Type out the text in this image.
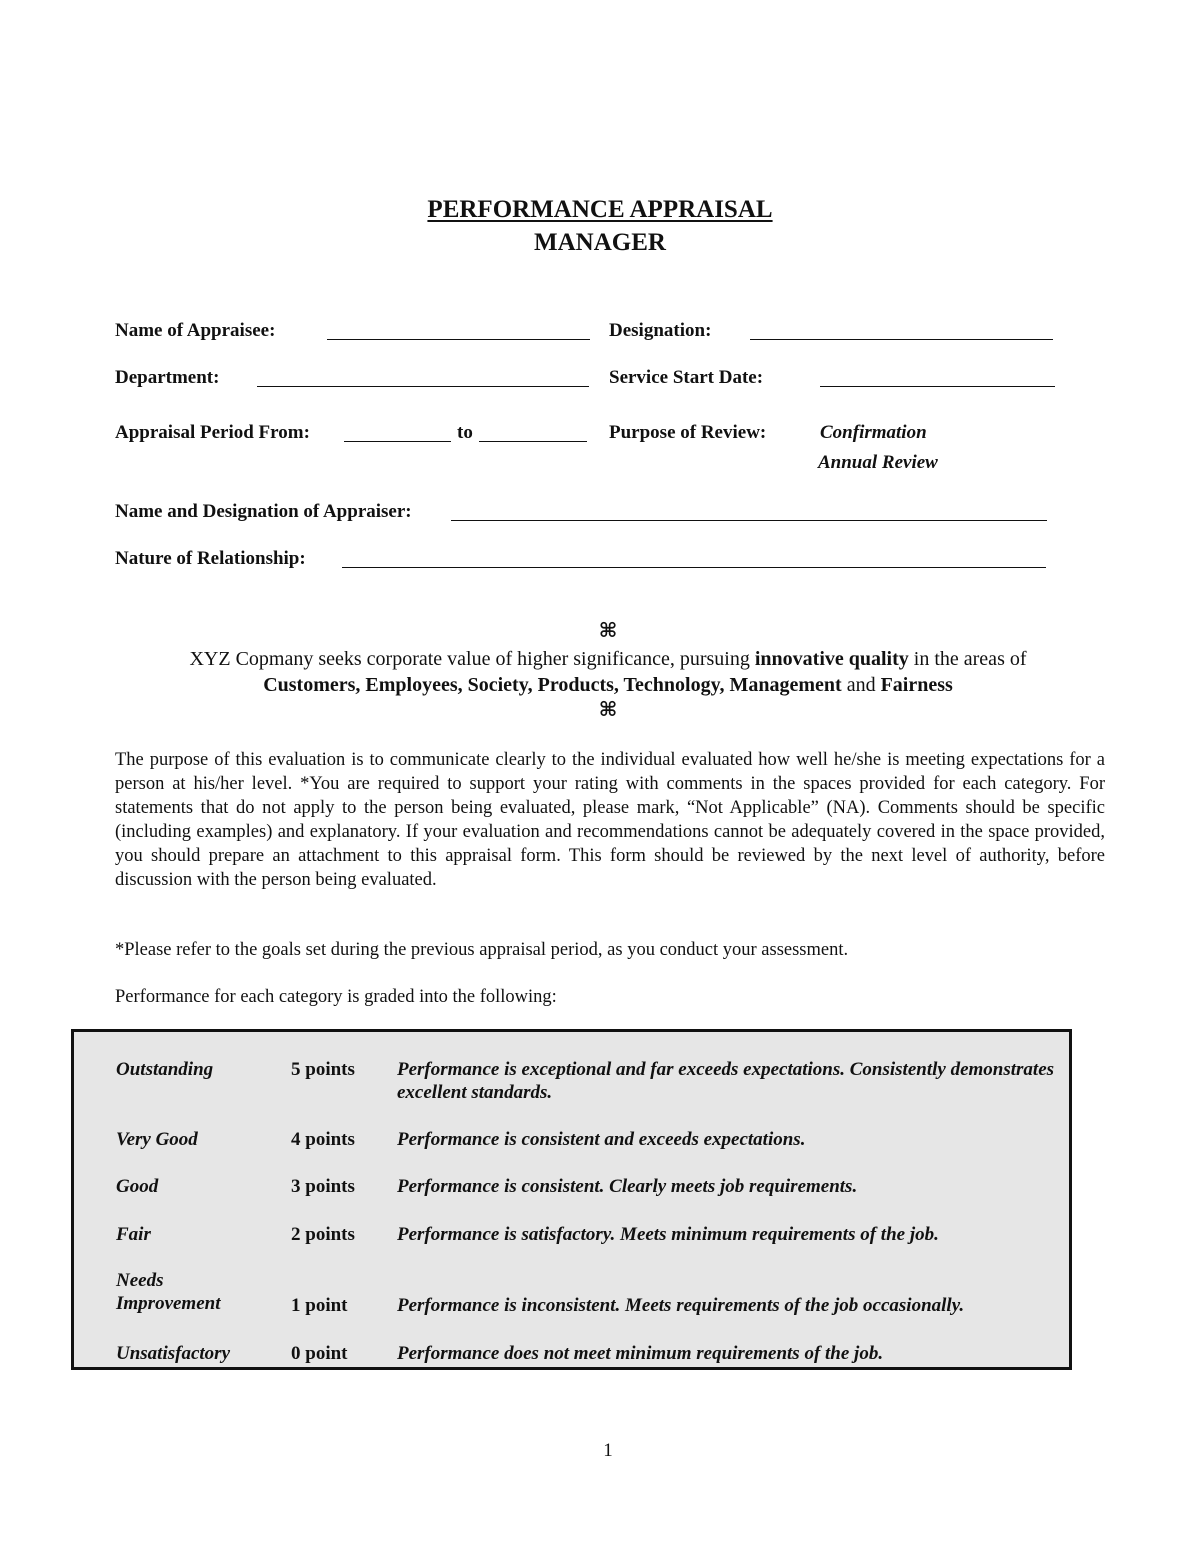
PERFORMANCE APPRAISAL
MANAGER
Name of Appraisee:	Designation:
Department:	Service Start Date:
Appraisal Period From:	to	Purpose of Review:	Confirmation
Annual Review
Name and Designation of Appraiser:
Nature of Relationship:
⌘
XYZ Copmany seeks corporate value of higher significance, pursuing innovative quality in the areas of
Customers, Employees, Society, Products, Technology, Management and Fairness
⌘
The purpose of this evaluation is to communicate clearly to the individual evaluated how well he/she is meeting expectations for a person at his/her level. *You are required to support your rating with comments in the spaces provided for each category. For statements that do not apply to the person being evaluated, please mark, “Not Applicable” (NA). Comments should be specific (including examples) and explanatory. If your evaluation and recommendations cannot be adequately covered in the space provided, you should prepare an attachment to this appraisal form. This form should be reviewed by the next level of authority, before discussion with the person being evaluated.
*Please refer to the goals set during the previous appraisal period, as you conduct your assessment.
Performance for each category is graded into the following:
Outstanding	5 points	Performance is exceptional and far exceeds expectations. Consistently demonstrates excellent standards.
Very Good	4 points	Performance is consistent and exceeds expectations.
Good	3 points	Performance is consistent. Clearly meets job requirements.
Fair	2 points	Performance is satisfactory. Meets minimum requirements of the job.
Needs Improvement	1 point	Performance is inconsistent. Meets requirements of the job occasionally.
Unsatisfactory	0 point	Performance does not meet minimum requirements of the job.
1
